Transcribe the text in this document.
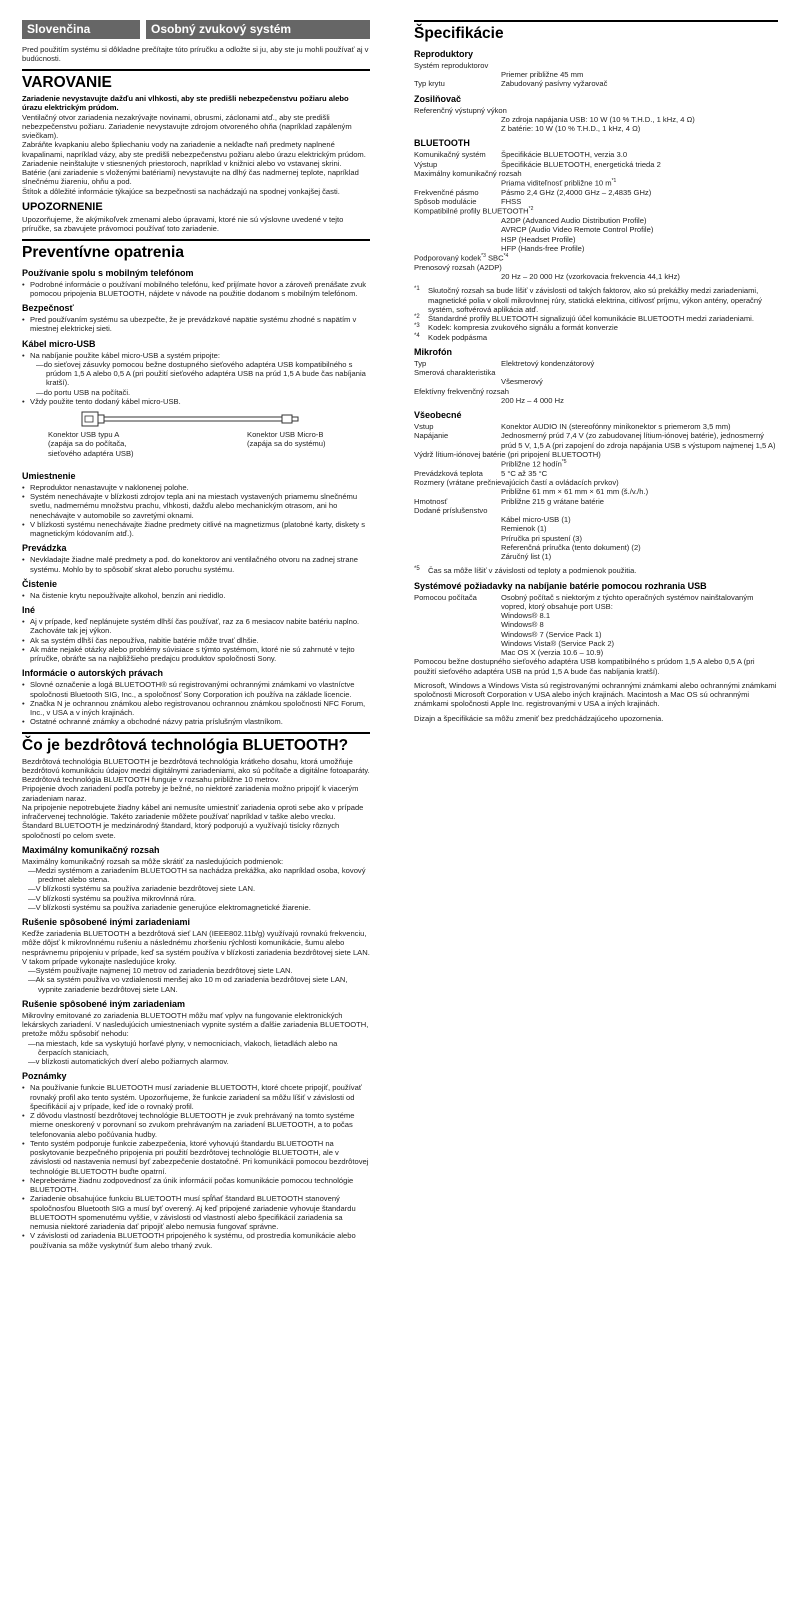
Slovenčina	Osobný zvukový systém

Pred použitím systému si dôkladne prečítajte túto príručku a odložte si ju, aby ste ju mohli používať aj v budúcnosti.

VAROVANIE

Zariadenie nevystavujte dažďu ani vlhkosti, aby ste predišli nebezpečenstvu požiaru alebo úrazu elektrickým prúdom.

Ventilačný otvor zariadenia nezakrývajte novinami, obrusmi, záclonami atď., aby ste predišli nebezpečenstvu požiaru. Zariadenie nevystavujte zdrojom otvoreného ohňa (napríklad zapáleným sviečkam).

Zabráňte kvapkaniu alebo špliechaniu vody na zariadenie a neklaďte naň predmety naplnené kvapalinami, napríklad vázy, aby ste predišli nebezpečenstvu požiaru alebo úrazu elektrickým prúdom.

Zariadenie neinštalujte v stiesnených priestoroch, napríklad v knižnici alebo vo vstavanej skrini.

Batérie (ani zariadenie s vloženými batériami) nevystavujte na dlhý čas nadmernej teplote, napríklad slnečnému žiareniu, ohňu a pod.

Štítok a dôležité informácie týkajúce sa bezpečnosti sa nachádzajú na spodnej vonkajšej časti.

UPOZORNENIE

Upozorňujeme, že akýmikoľvek zmenami alebo úpravami, ktoré nie sú výslovne uvedené v tejto príručke, sa zbavujete právomoci používať toto zariadenie.

Preventívne opatrenia
Používanie spolu s mobilným telefónom
• Podrobné informácie o používaní mobilného telefónu, keď prijímate hovor a zároveň prenášate zvuk pomocou pripojenia BLUETOOTH, nájdete v návode na použitie dodanom s mobilným telefónom.
Bezpečnosť
• Pred používaním systému sa ubezpečte, že je prevádzkové napätie systému zhodné s napätím v miestnej elektrickej sieti.
Kábel micro-USB
• Na nabíjanie použite kábel micro-USB a systém pripojte:
— do sieťovej zásuvky pomocou bežne dostupného sieťového adaptéra USB kompatibilného s prúdom 1,5 A alebo 0,5 A (pri použití sieťového adaptéra USB na prúd 1,5 A bude čas nabíjania kratší).
— do portu USB na počítači.
• Vždy použite tento dodaný kábel micro-USB.
Konektor USB typu A
(zapája sa do počítača,
sieťového adaptéra USB)
Konektor USB Micro-B
(zapája sa do systému)
Umiestnenie
• Reproduktor nenastavujte v naklonenej polohe.
• Systém nenechávajte v blízkosti zdrojov tepla ani na miestach vystavených priamemu slnečnému svetlu, nadmernému množstvu prachu, vlhkosti, dažďu alebo mechanickým otrasom, ani ho nenechávajte v automobile so zavretými oknami.
• V blízkosti systému nenechávajte žiadne predmety citlivé na magnetizmus (platobné karty, diskety s magnetickým kódovaním atď.).
Prevádzka
• Nevkladajte žiadne malé predmety a pod. do konektorov ani ventilačného otvoru na zadnej strane systému. Mohlo by to spôsobiť skrat alebo poruchu systému.
Čistenie
• Na čistenie krytu nepoužívajte alkohol, benzín ani riedidlo.
Iné
• Aj v prípade, keď neplánujete systém dlhší čas používať, raz za 6 mesiacov nabite batériu naplno. Zachováte tak jej výkon.
• Ak sa systém dlhší čas nepoužíva, nabitie batérie môže trvať dlhšie.
• Ak máte nejaké otázky alebo problémy súvisiace s týmto systémom, ktoré nie sú zahrnuté v tejto príručke, obráťte sa na najbližšieho predajcu produktov spoločnosti Sony.
Informácie o autorských právach
• Slovné označenie a logá BLUETOOTH® sú registrovanými ochrannými známkami vo vlastníctve spoločnosti Bluetooth SIG, Inc., a spoločnosť Sony Corporation ich používa na základe licencie.
• Značka N je ochrannou známkou alebo registrovanou ochrannou známkou spoločnosti NFC Forum, Inc., v USA a v iných krajinách.
• Ostatné ochranné známky a obchodné názvy patria príslušným vlastníkom.
Čo je bezdrôtová technológia BLUETOOTH?

Bezdrôtová technológia BLUETOOTH je bezdrôtová technológia krátkeho dosahu, ktorá umožňuje bezdrôtovú komunikáciu údajov medzi digitálnymi zariadeniami, ako sú počítače a digitálne fotoaparáty. Bezdrôtová technológia BLUETOOTH funguje v rozsahu približne 10 metrov.

Pripojenie dvoch zariadení podľa potreby je bežné, no niektoré zariadenia možno pripojiť k viacerým zariadeniam naraz.

Na pripojenie nepotrebujete žiadny kábel ani nemusíte umiestniť zariadenia oproti sebe ako v prípade infračervenej technológie. Takéto zariadenie môžete používať napríklad v taške alebo vrecku.

Štandard BLUETOOTH je medzinárodný štandard, ktorý podporujú a využívajú tisícky rôznych spoločností po celom svete.

Maximálny komunikačný rozsah

Maximálny komunikačný rozsah sa môže skrátiť za nasledujúcich podmienok:

— Medzi systémom a zariadením BLUETOOTH sa nachádza prekážka, ako napríklad osoba, kovový predmet alebo stena.
— V blízkosti systému sa používa zariadenie bezdrôtovej siete LAN.
— V blízkosti systému sa používa mikrovlnná rúra.
— V blízkosti systému sa používa zariadenie generujúce elektromagnetické žiarenie.
Rušenie spôsobené inými zariadeniami

Keďže zariadenia BLUETOOTH a bezdrôtová sieť LAN (IEEE802.11b/g) využívajú rovnakú frekvenciu, môže dôjsť k mikrovlnnému rušeniu a následnému zhoršeniu rýchlosti komunikácie, šumu alebo nesprávnemu pripojeniu v prípade, keď sa systém používa v blízkosti zariadenia bezdrôtovej siete LAN. V takom prípade vykonajte nasledujúce kroky.

— Systém používajte najmenej 10 metrov od zariadenia bezdrôtovej siete LAN.
— Ak sa systém používa vo vzdialenosti menšej ako 10 m od zariadenia bezdrôtovej siete LAN, vypnite zariadenie bezdrôtovej siete LAN.
Rušenie spôsobené iným zariadeniam

Mikrovlny emitované zo zariadenia BLUETOOTH môžu mať vplyv na fungovanie elektronických lekárskych zariadení. V nasledujúcich umiestneniach vypnite systém a ďalšie zariadenia BLUETOOTH, pretože môžu spôsobiť nehodu:

— na miestach, kde sa vyskytujú horľavé plyny, v nemocniciach, vlakoch, lietadlách alebo na čerpacích staniciach,
— v blízkosti automatických dverí alebo požiarnych alarmov.
Poznámky
• Na používanie funkcie BLUETOOTH musí zariadenie BLUETOOTH, ktoré chcete pripojiť, používať rovnaký profil ako tento systém. Upozorňujeme, že funkcie zariadení sa môžu líšiť v závislosti od špecifikácií aj v prípade, keď ide o rovnaký profil.
• Z dôvodu vlastností bezdrôtovej technológie BLUETOOTH je zvuk prehrávaný na tomto systéme mierne oneskorený v porovnaní so zvukom prehrávaným na zariadení BLUETOOTH, a to počas telefonovania alebo počúvania hudby.
• Tento systém podporuje funkcie zabezpečenia, ktoré vyhovujú štandardu BLUETOOTH na poskytovanie bezpečného pripojenia pri použití bezdrôtovej technológie BLUETOOTH, ale v závislosti od nastavenia nemusí byť zabezpečenie dostatočné. Pri komunikácii pomocou bezdrôtovej technológie BLUETOOTH buďte opatrní.
• Nepreberáme žiadnu zodpovednosť za únik informácií počas komunikácie pomocou technológie BLUETOOTH.
• Zariadenie obsahujúce funkciu BLUETOOTH musí spĺňať štandard BLUETOOTH stanovený spoločnosťou Bluetooth SIG a musí byť overený. Aj keď pripojené zariadenie vyhovuje štandardu BLUETOOTH spomenutému vyššie, v závislosti od vlastností alebo špecifikácií zariadenia sa nemusia niektoré zariadenia dať pripojiť alebo nemusia fungovať správne.
• V závislosti od zariadenia BLUETOOTH pripojeného k systému, od prostredia komunikácie alebo používania sa môže vyskytnúť šum alebo trhaný zvuk.
Špecifikácie
Reproduktory

Systém reproduktorov

Priemer približne 45 mm

Typ krytu	Zabudovaný pasívny vyžarovač
Zosilňovač

Referenčný výstupný výkon

Zo zdroja napájania USB: 10 W (10 % T.H.D., 1 kHz, 4 Ω)

Z batérie: 10 W (10 % T.H.D., 1 kHz, 4 Ω)

BLUETOOTH
Komunikačný systém	Špecifikácie BLUETOOTH, verzia 3.0
Výstup	Špecifikácie BLUETOOTH, energetická trieda 2

Maximálny komunikačný rozsah

Priama viditeľnosť približne 10 $m^{*1}$

Frekvenčné pásmo	Pásmo 2,4 GHz (2,4000 GHz – 2,4835 GHz)
Spôsob modulácie	FHSS

Kompatibilné profily BLUETOOTH$^{*2}$

A2DP (Advanced Audio Distribution Profile)

AVRCP (Audio Video Remote Control Profile)

HSP (Headset Profile)

HFP (Hands-free Profile)

Podporovaný kodek$^{*3}$ SBC$^{*4}$

Prenosový rozsah (A2DP)

20 Hz – 20 000 Hz (vzorkovacia frekvencia 44,1 kHz)

*1	Skutočný rozsah sa bude líšiť v závislosti od takých faktorov, ako sú prekážky medzi zariadeniami, magnetické polia v okolí mikrovlnnej rúry, statická elektrina, citlivosť príjmu, výkon antény, operačný systém, softvérová aplikácia atď.
*2	Štandardné profily BLUETOOTH signalizujú účel komunikácie BLUETOOTH medzi zariadeniami.
*3	Kodek: kompresia zvukového signálu a formát konverzie
*4	Kodek podpásma
Mikrofón
Typ	Elektretový kondenzátorový

Smerová charakteristika

Všesmerový

Efektívny frekvenčný rozsah

200 Hz – 4 000 Hz

Všeobecné
Vstup	Konektor AUDIO IN (stereofónny minikonektor s priemerom 3,5 mm)
Napájanie	Jednosmerný prúd 7,4 V (zo zabudovanej lítium-iónovej batérie), jednosmerný prúd 5 V, 1,5 A (pri zapojení do zdroja napájania USB s výstupom najmenej 1,5 A)

Výdrž lítium-iónovej batérie (pri pripojení BLUETOOTH)

Približne 12 hodín$^{*5}$

Prevádzková teplota	5 °C až 35 °C

Rozmery (vrátane prečnievajúcich častí a ovládacích prvkov)

Približne 61 mm × 61 mm × 61 mm (š./v./h.)

Hmotnosť	Približne 215 g vrátane batérie

Dodané príslušenstvo

Kábel micro-USB (1)

Remienok (1)

Príručka pri spustení (3)

Referenčná príručka (tento dokument) (2)

Záručný list (1)

*5	Čas sa môže líšiť v závislosti od teploty a podmienok použitia.
Systémové požiadavky na nabíjanie batérie pomocou rozhrania USB
Pomocou počítača	Osobný počítač s niektorým z týchto operačných systémov nainštalovaným vopred, ktorý obsahuje port USB:
Windows® 8.1
Windows® 8
Windows® 7 (Service Pack 1)
Windows Vista® (Service Pack 2)
Mac OS X (verzia 10.6 – 10.9)

Pomocou bežne dostupného sieťového adaptéra USB kompatibilného s prúdom 1,5 A alebo 0,5 A (pri použití sieťového adaptéra USB na prúd 1,5 A bude čas nabíjania kratší).

Microsoft, Windows a Windows Vista sú registrovanými ochrannými známkami alebo ochrannými známkami spoločnosti Microsoft Corporation v USA alebo iných krajinách. Macintosh a Mac OS sú ochrannými známkami spoločnosti Apple Inc. registrovanými v USA a iných krajinách.

Dizajn a špecifikácie sa môžu zmeniť bez predchádzajúceho upozornenia.
